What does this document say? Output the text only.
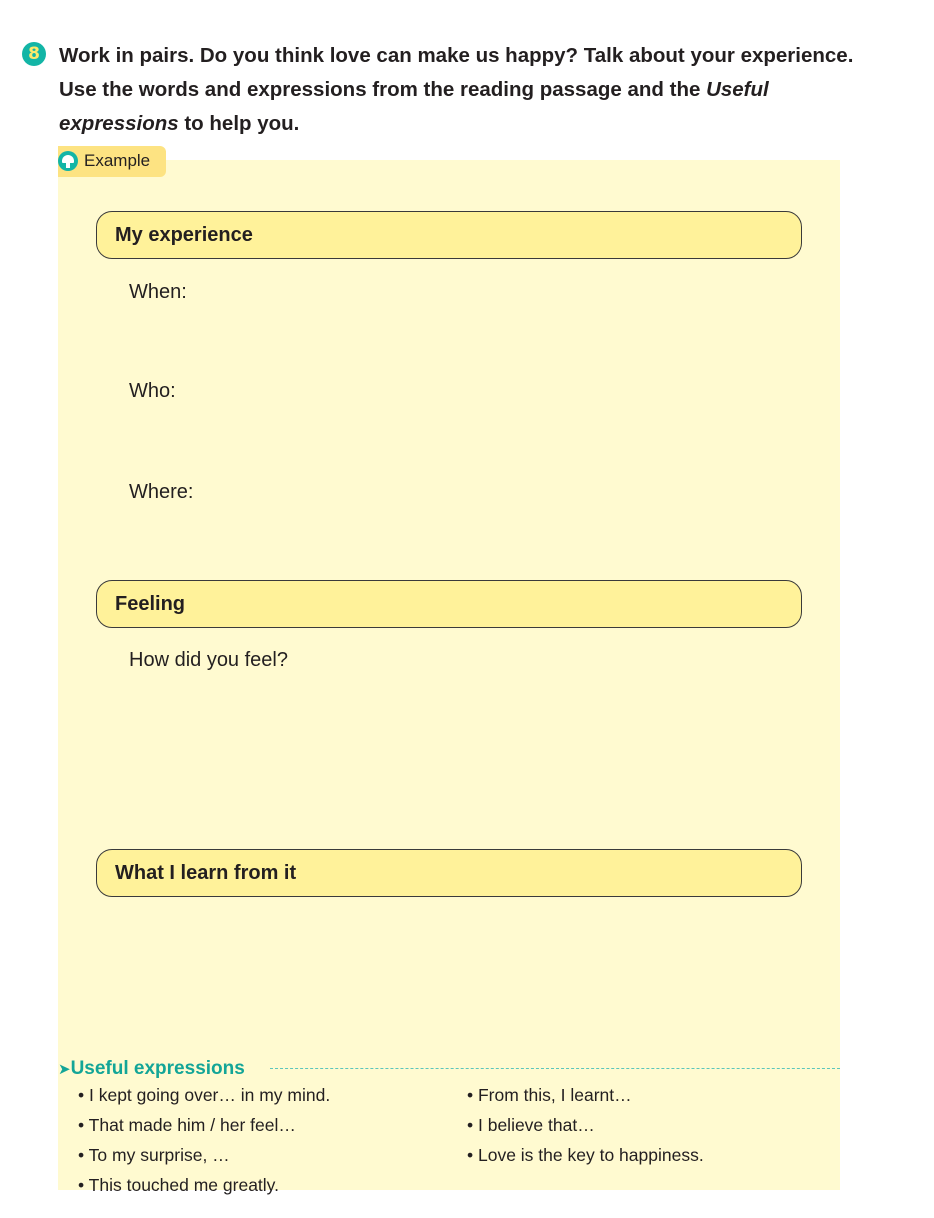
8 Work in pairs. Do you think love can make us happy? Talk about your experience. Use the words and expressions from the reading passage and the Useful expressions to help you.
Example
My experience
When:
Who:
Where:
Feeling
How did you feel?
What I learn from it
➤Useful expressions
• I kept going over… in my mind.
• That made him / her feel…
• To my surprise, …
• This touched me greatly.
• From this, I learnt…
• I believe that…
• Love is the key to happiness.
